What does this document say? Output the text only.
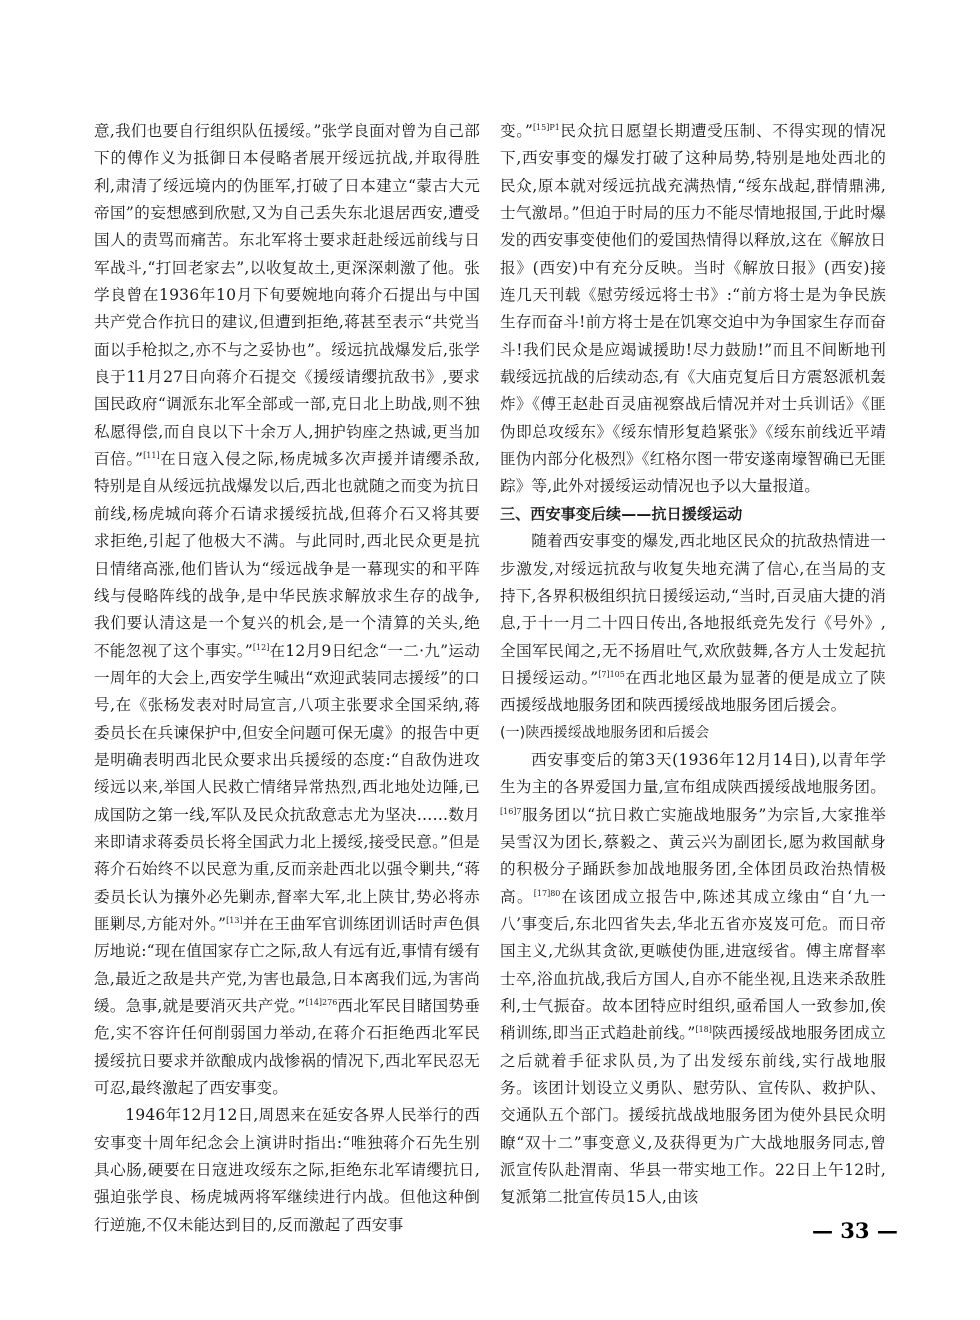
意,我们也要自行组织队伍援绥。”张学良面对曾为自己部下的傅作义为抵御日本侵略者展开绥远抗战,并取得胜利,肃清了绥远境内的伪匪军,打破了日本建立“蒙古大元帝国”的妄想感到欣慰,又为自己丢失东北退居西安,遭受国人的责骂而痛苦。东北军将士要求赶赴绥远前线与日军战斗,“打回老家去”,以收复故土,更深深刺激了他。张学良曾在1936年10月下旬要婉地向蒋介石提出与中国共产党合作抗日的建议,但遭到拒绝,蒋甚至表示“共党当面以手枪拟之,亦不与之妥协也”。绥远抗战爆发后,张学良于11月27日向蒋介石提交《援绥请缨抗敌书》,要求国民政府“调派东北军全部或一部,克日北上助战,则不独私愿得偿,而自良以下十余万人,拥护钧座之热诚,更当加百倍。”[11]在日寇入侵之际,杨虎城多次声援并请缨杀敌,特别是自从绥远抗战爆发以后,西北也就随之而变为抗日前线,杨虎城向蒋介石请求援绥抗战,但蒋介石又将其要求拒绝,引起了他极大不满。与此同时,西北民众更是抗日情绪高涨,他们皆认为“绥远战争是一幕现实的和平阵线与侵略阵线的战争,是中华民族求解放求生存的战争,我们要认清这是一个复兴的机会,是一个清算的关头,绝不能忽视了这个事实。”[12]在12月9日纪念“一二·九”运动一周年的大会上,西安学生喊出“欢迎武装同志援绥”的口号,在《张杨发表对时局宣言,八项主张要求全国采纳,蒋委员长在兵谏保护中,但安全问题可保无虞》的报告中更是明确表明西北民众要求出兵援绥的态度:“自敌伪进攻绥远以来,举国人民救亡情绪异常热烈,西北地处边陲,已成国防之第一线,军队及民众抗敌意志尤为坚决……数月来即请求蒋委员长将全国武力北上援绥,接受民意。”但是蒋介石始终不以民意为重,反而亲赴西北以强令剿共,“蒋委员长认为攘外必先剿赤,督率大军,北上陕甘,势必将赤匪剿尽,方能对外。”[13]并在王曲军官训练团训话时声色俱厉地说:“现在值国家存亡之际,敌人有远有近,事情有缓有急,最近之敌是共产党,为害也最急,日本离我们远,为害尚缓。急事,就是要消灭共产党。”$^{[14]276}$西北军民目睹国势垂危,实不容许任何削弱国力举动,在蒋介石拒绝西北军民援绥抗日要求并欲酿成内战惨祸的情况下,西北军民忍无可忍,最终激起了西安事变。

1946年12月12日,周恩来在延安各界人民举行的西安事变十周年纪念会上演讲时指出:“唯独蒋介石先生别具心肠,硬要在日寇进攻绥东之际,拒绝东北军请缨抗日,强迫张学良、杨虎城两将军继续进行内战。但他这种倒行逆施,不仅未能达到目的,反而激起了西安事

变。”$^{[15]P1}$民众抗日愿望长期遭受压制、不得实现的情况下,西安事变的爆发打破了这种局势,特别是地处西北的民众,原本就对绥远抗战充满热情,“绥东战起,群情鼎沸,士气激昂。”但迫于时局的压力不能尽情地报国,于此时爆发的西安事变使他们的爱国热情得以释放,这在《解放日报》(西安)中有充分反映。当时《解放日报》(西安)接连几天刊载《慰劳绥远将士书》:“前方将士是为争民族生存而奋斗!前方将士是在饥寒交迫中为争国家生存而奋斗!我们民众是应竭诚援助!尽力鼓励!”而且不间断地刊载绥远抗战的后续动态,有《大庙克复后日方震怒派机轰炸》《傅王赵赴百灵庙视察战后情况并对士兵训话》《匪伪即总攻绥东》《绥东情形复趋紧张》《绥东前线近平靖匪伪内部分化极烈》《红格尔图一带安遂南壕智确已无匪踪》等,此外对援绥运动情况也予以大量报道。

三、西安事变后续——抗日援绥运动

随着西安事变的爆发,西北地区民众的抗敌热情进一步激发,对绥远抗敌与收复失地充满了信心,在当局的支持下,各界积极组织抗日援绥运动,“当时,百灵庙大捷的消息,于十一月二十四日传出,各地报纸竞先发行《号外》,全国军民闻之,无不扬眉吐气,欢欣鼓舞,各方人士发起抗日援绥运动。”$^{[7]105}$在西北地区最为显著的便是成立了陕西援绥战地服务团和陕西援绥战地服务团后援会。

(一)陕西援绥战地服务团和后援会

西安事变后的第3天(1936年12月14日),以青年学生为主的各界爱国力量,宣布组成陕西援绥战地服务团。$^{[16]7}$服务团以“抗日救亡实施战地服务”为宗旨,大家推举吴雪汉为团长,蔡毅之、黄云兴为副团长,愿为救国献身的积极分子踊跃参加战地服务团,全体团员政治热情极高。$^{[17]80}$在该团成立报告中,陈述其成立缘由“自‘九一八’事变后,东北四省失去,华北五省亦岌岌可危。而日帝国主义,尤纵其贪欲,更嗾使伪匪,进寇绥省。傅主席督率士卒,浴血抗战,我后方国人,自亦不能坐视,且迭来杀敌胜利,士气振奋。故本团特应时组织,亟希国人一致参加,俟稍训练,即当正式趋赴前线。”[18]陕西援绥战地服务团成立之后就着手征求队员,为了出发绥东前线,实行战地服务。该团计划设立义勇队、慰劳队、宣传队、救护队、交通队五个部门。援绥抗战战地服务团为使外县民众明瞭“双十二”事变意义,及获得更为广大战地服务同志,曾派宣传队赴渭南、华县一带实地工作。22日上午12时,复派第二批宣传员15人,由该

— 33 —
